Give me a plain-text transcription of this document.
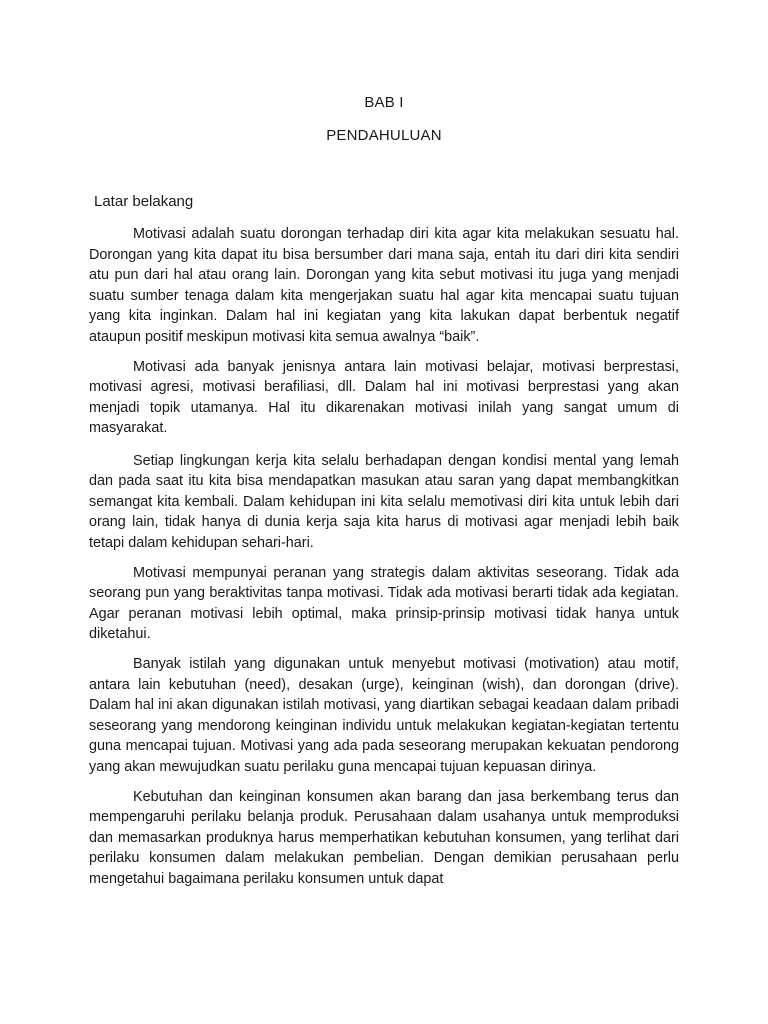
BAB I
PENDAHULUAN
Latar belakang

Motivasi adalah suatu dorongan terhadap diri kita agar kita melakukan sesuatu hal. Dorongan yang kita dapat itu bisa bersumber dari mana saja, entah itu dari diri kita sendiri atu pun dari hal atau orang lain. Dorongan yang kita sebut motivasi itu juga yang menjadi suatu sumber tenaga dalam kita mengerjakan suatu hal agar kita mencapai suatu tujuan yang kita inginkan. Dalam hal ini kegiatan yang kita lakukan dapat berbentuk negatif ataupun positif meskipun motivasi kita semua awalnya “baik”.

Motivasi ada banyak jenisnya antara lain motivasi belajar, motivasi berprestasi, motivasi agresi, motivasi berafiliasi, dll. Dalam hal ini motivasi berprestasi yang akan menjadi topik utamanya. Hal itu dikarenakan motivasi inilah yang sangat umum di masyarakat.

Setiap lingkungan kerja kita selalu berhadapan dengan kondisi mental yang lemah dan pada saat itu kita bisa mendapatkan masukan atau saran yang dapat membangkitkan semangat kita kembali. Dalam kehidupan ini kita selalu memotivasi diri kita untuk lebih dari orang lain, tidak hanya di dunia kerja saja kita harus di motivasi agar menjadi lebih baik tetapi dalam kehidupan sehari-hari.

Motivasi mempunyai peranan yang strategis dalam aktivitas seseorang. Tidak ada seorang pun yang beraktivitas tanpa motivasi. Tidak ada motivasi berarti tidak ada kegiatan. Agar peranan motivasi lebih optimal, maka prinsip-prinsip motivasi tidak hanya untuk diketahui.

Banyak istilah yang digunakan untuk menyebut motivasi (motivation) atau motif, antara lain kebutuhan (need), desakan (urge), keinginan (wish), dan dorongan (drive). Dalam hal ini akan digunakan istilah motivasi, yang diartikan sebagai keadaan dalam pribadi seseorang yang mendorong keinginan individu untuk melakukan kegiatan-kegiatan tertentu guna mencapai tujuan. Motivasi yang ada pada seseorang merupakan kekuatan pendorong yang akan mewujudkan suatu perilaku guna mencapai tujuan kepuasan dirinya.

Kebutuhan dan keinginan konsumen akan barang dan jasa berkembang terus dan mempengaruhi perilaku belanja produk. Perusahaan dalam usahanya untuk memproduksi dan memasarkan produknya harus memperhatikan kebutuhan konsumen, yang terlihat dari perilaku konsumen dalam melakukan pembelian. Dengan demikian perusahaan perlu mengetahui bagaimana perilaku konsumen untuk dapat
